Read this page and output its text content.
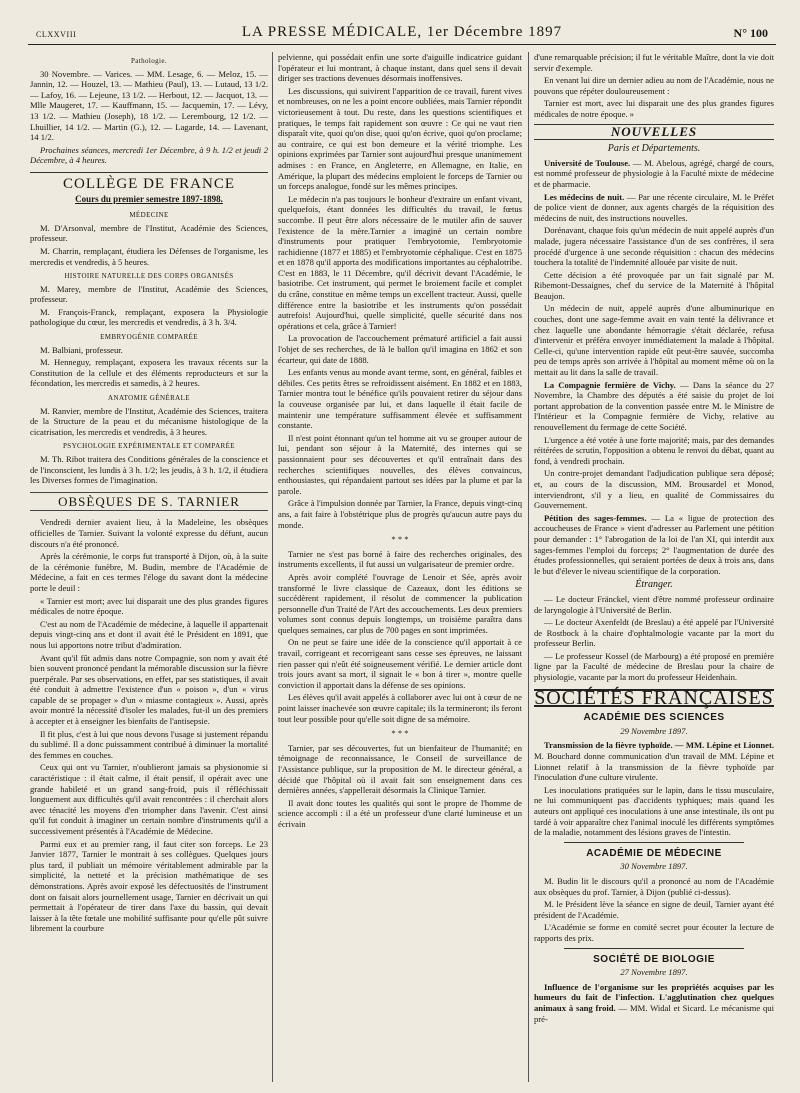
CLXXVIII	LA PRESSE MÉDICALE, 1er Décembre 1897	N° 100
Pathologie.

30 Novembre. — Varices. — MM. Lesage, 6. — Meloz, 15. — Jannin, 12. — Houzel, 13. — Mathieu (Paul), 13. — Lutaud, 13 1/2. — Lafoy, 16. — Lejeune, 13 1/2. — Herbout, 12. — Jacquot, 13. — Mlle Maugeret, 17. — Kauffmann, 15. — Jacquemin, 17. — Lévy, 13 1/2. — Mathieu (Joseph), 18 1/2. — Lerembourg, 12 1/2. — Lhuillier, 14 1/2. — Martin (G.), 12. — Lagarde, 14. — Lavenant, 14 1/2.

Prochaines séances, mercredi 1er Décembre, à 9 h. 1/2 et jeudi 2 Décembre, à 4 heures.

COLLÈGE DE FRANCE
Cours du premier semestre 1897-1898.
MÉDECINE

M. D'Arsonval, membre de l'Institut, Académie des Sciences, professeur.

M. Charrin, remplaçant, étudiera les Défenses de l'organisme, les mercredis et vendredis, à 5 heures.

HISTOIRE NATURELLE DES CORPS ORGANISÉS

M. Marey, membre de l'Institut, Académie des Sciences, professeur.

M. François-Franck, remplaçant, exposera la Physiologie pathologique du cœur, les mercredis et vendredis, à 3 h. 3/4.

EMBRYOGÉNIE COMPARÉE

M. Balbiani, professeur.

M. Henneguy, remplaçant, exposera les travaux récents sur la Constitution de la cellule et des éléments reproducteurs et sur la fécondation, les mercredis et samedis, à 2 heures.

ANATOMIE GÉNÉRALE

M. Ranvier, membre de l'Institut, Académie des Sciences, traitera de la Structure de la peau et du mécanisme histologique de la cicatrisation, les mercredis et vendredis, à 3 heures.

PSYCHOLOGIE EXPÉRIMENTALE ET COMPARÉE

M. Th. Ribot traitera des Conditions générales de la conscience et de l'inconscient, les lundis à 3 h. 1/2; les jeudis, à 3 h. 1/2, il étudiera les Diverses formes de l'imagination.

OBSÈQUES DE S. TARNIER

Vendredi dernier avaient lieu, à la Madeleine, les obsèques officielles de Tarnier. Suivant la volonté expresse du défunt, aucun discours n'a été prononcé.

Après la cérémonie, le corps fut transporté à Dijon, où, à la suite de la cérémonie funèbre, M. Budin, membre de l'Académie de Médecine, a fait en ces termes l'éloge du savant dont la médecine porte le deuil :

« Tarnier est mort; avec lui disparait une des plus grandes figures médicales de notre époque.

C'est au nom de l'Académie de médecine, à laquelle il appartenait depuis vingt-cinq ans et dont il avait été le Président en 1891, que nous lui apportons notre tribut d'admiration.

Avant qu'il fût admis dans notre Compagnie, son nom y avait été bien souvent prononcé pendant la mémorable discussion sur la fièvre puerpérale. Par ses observations, en effet, par ses statistiques, il avait été conduit à admettre l'existence d'un « poison », d'un « virus capable de se propager » d'un « miasme contagieux ». Aussi, après avoir montré la nécessité d'isoler les malades, fut-il un des premiers à accepter et à enseigner les bienfaits de l'antisepsie.

Il fit plus, c'est à lui que nous devons l'usage si justement répandu du sublimé. Il a donc puissamment contribué à diminuer la mortalité des femmes en couches.

Ceux qui ont vu Tarnier, n'oublieront jamais sa physionomie si caractéristique : il était calme, il était pensif, il opérait avec une grande habileté et un grand sang-froid, puis il réfléchissait longuement aux difficultés qu'il avait rencontrées : il cherchait alors avec ténacité les moyens d'en triompher dans l'avenir. C'est ainsi qu'il fut conduit à imaginer un certain nombre d'instruments qu'il a successivement présentés à l'Académie de Médecine.

Parmi eux et au premier rang, il faut citer son forceps. Le 23 Janvier 1877, Tarnier le montrait à ses collègues. Quelques jours plus tard, il publiait un mémoire véritablement admirable par la simplicité, la netteté et la précision mathématique de ses démonstrations. Après avoir exposé les défectuosités de l'instrument dont on faisait alors journellement usage, Tarnier en décrivait un qui permettait à l'opérateur de tirer dans l'axe du bassin, qui devait laisser à la tête fœtale une mobilité suffisante pour qu'elle pût suivre librement la courbure

pelvienne, qui possédait enfin une sorte d'aiguille indicatrice guidant l'opérateur et lui montrant, à chaque instant, dans quel sens il devait diriger ses tractions devenues désormais inoffensives.

Les discussions, qui suivirent l'apparition de ce travail, furent vives et nombreuses, on ne les a point encore oubliées, mais Tarnier répondit victorieusement à tout. Du reste, dans les questions scientifiques et pratiques, le temps fait rapidement son œuvre : Ce qui ne vaut rien disparaît vite, quoi qu'on dise, quoi qu'on écrive, quoi qu'on proclame; au contraire, ce qui est bon demeure et la vérité triomphe. Les opinions exprimées par Tarnier sont aujourd'hui presque unanimement admises : en France, en Angleterre, en Allemagne, en Italie, en Amérique, la plupart des médecins emploient le forceps de Tarnier ou un forceps analogue, fondé sur les mêmes principes.

Le médecin n'a pas toujours le bonheur d'extraire un enfant vivant, quelquefois, étant données les difficultés du travail, le fœtus succombe. Il peut être alors nécessaire de le mutiler afin de sauver l'existence de la mère.Tarnier a imaginé un certain nombre d'instruments pour pratiquer l'embryotomie, l'embryotomie rachidienne (1877 et 1885) et l'embryotomie céphalique. C'est en 1875 et en 1878 qu'il apporta des modifications importantes au céphalotribe. C'est en 1883, le 11 Décembre, qu'il décrivit devant l'Académie, le basiotribe. Cet instrument, qui permet le broiement facile et complet du crâne, constitue en même temps un excellent tracteur. Aussi, quelle différence entre la basiotribe et les instruments qu'on possédait autrefois! Aujourd'hui, quelle simplicité, quelle sécurité dans nos opérations et cela, grâce à Tarnier!

La provocation de l'accouchement prématuré artificiel a fait aussi l'objet de ses recherches, de là le ballon qu'il imagina en 1862 et son écarteur, qui date de 1888.

Les enfants venus au monde avant terme, sont, en général, faibles et débiles. Ces petits êtres se refroidissent aisément. En 1882 et en 1883, Tarnier montra tout le bénéfice qu'ils pouvaient retirer du séjour dans la couveuse organisée par lui, et dans laquelle il était facile de maintenir une température suffisamment élevée et suffisamment constante.

Il n'est point étonnant qu'un tel homme ait vu se grouper autour de lui, pendant son séjour à la Maternité, des internes qui se passionnaient pour ses découvertes et qu'il entraînait dans des recherches scientifiques nouvelles, des élèves convaincus, enthousiastes, qui répandaient partout ses idées par la plume et par la parole.

Grâce à l'impulsion donnée par Tarnier, la France, depuis vingt-cinq ans, a fait faire à l'obstétrique plus de progrès qu'aucun autre pays du monde.

* * *

Tarnier ne s'est pas borné à faire des recherches originales, des instruments excellents, il fut aussi un vulgarisateur de premier ordre.

Après avoir complété l'ouvrage de Lenoir et Sée, après avoir transformé le livre classique de Cazeaux, dont les éditions se succédèrent rapidement, il résolut de commencer la publication personnelle d'un Traité de l'Art des accouchements. Les deux premiers volumes sont connus depuis longtemps, un troisième paraîtra dans quelques semaines, car plus de 700 pages en sont imprimées.

On ne peut se faire une idée de la conscience qu'il apportait à ce travail, corrigeant et recorrigeant sans cesse ses épreuves, ne laissant rien passer qui n'eût été soigneusement vérifié. Le dernier article dont trois jours avant sa mort, il signait le « bon à tirer », montre quelle conviction il apportait dans la défense de ses opinions.

Les élèves qu'il avait appelés à collaborer avec lui ont à cœur de ne point laisser inachevée son œuvre capitale; ils la termineront; ils feront tout leur possible pour qu'elle soit digne de sa mémoire.

* * *

Tarnier, par ses découvertes, fut un bienfaiteur de l'humanité; en témoignage de reconnaissance, le Conseil de surveillance de l'Assistance publique, sur la proposition de M. le directeur général, a décidé que l'hôpital où il avait fait son enseignement dans ces dernières années, s'appellerait désormais la Clinique Tarnier.

Il avait donc toutes les qualités qui sont le propre de l'homme de science accompli : il a été un professeur d'une clarté lumineuse et un écrivain

d'une remarquable précision; il fut le véritable Maître, dont la vie doit servir d'exemple.

En venant lui dire un dernier adieu au nom de l'Académie, nous ne pouvons que répéter douloureusement :

Tarnier est mort, avec lui disparait une des plus grandes figures médicales de notre époque. »

NOUVELLES
Paris et Départements.

Université de Toulouse. — M. Abelous, agrégé, chargé de cours, est nommé professeur de physiologie à la Faculté mixte de médecine et de pharmacie.

Les médecins de nuit. — Par une récente circulaire, M. le Préfet de police vient de donner, aux agents chargés de la réquisition des médecins de nuit, des instructions nouvelles.

Dorénavant, chaque fois qu'un médecin de nuit appelé auprès d'un malade, jugera nécessaire l'assistance d'un de ses confrères, il sera procédé d'urgence à une seconde réquisition : chacun des médecins touchera la totalité de l'indemnité allouée par visite de nuit.

Cette décision a été provoquée par un fait signalé par M. Ribemont-Dessaignes, chef du service de la Maternité à l'hôpital Beaujon.

Un médecin de nuit, appelé auprès d'une albuminurique en couches, dont une sage-femme avait en vain tenté la délivrance et chez laquelle une abondante hémorragie s'était déclarée, refusa d'intervenir et préféra envoyer immédiatement la malade à l'hôpital. Celle-ci, qu'une intervention rapide eût peut-être sauvée, succomba peu de temps après son arrivée à l'hôpital au moment même où on la mettait au lit dans la salle de travail.

La Compagnie fermière de Vichy. — Dans la séance du 27 Novembre, la Chambre des députés a été saisie du projet de loi portant approbation de la convention passée entre M. le Ministre de l'Intérieur et la Compagnie fermière de Vichy, relative au renouvellement du fermage de cette Société.

L'urgence a été votée à une forte majorité; mais, par des demandes réitérées de scrutin, l'opposition a obtenu le renvoi du débat, quant au fond, à vendredi prochain.

Un contre-projet demandant l'adjudication publique sera déposé; et, au cours de la discussion, MM. Brousardel et Monod, interviendront, s'il y a lieu, en qualité de Commissaires du Gouvernement.

Pétition des sages-femmes. — La « ligue de protection des accoucheuses de France » vient d'adresser au Parlement une pétition pour demander : 1° l'abrogation de la loi de l'an XI, qui interdit aux sages-femmes l'emploi du forceps; 2° l'augmentation de durée des études professionnelles, qui seraient portées de deux à trois ans, dans le but d'élever le niveau scientifique de la corporation.

Étranger.

— Le docteur Fränckel, vient d'être nommé professeur ordinaire de laryngologie à l'Université de Berlin.

— Le docteur Axenfeldt (de Breslau) a été appelé par l'Université de Rostbock à la chaire d'ophtalmologie vacante par la mort du professeur Berlin.

— Le professeur Kossel (de Marbourg) a été proposé en première ligne par la Faculté de médecine de Breslau pour la chaire de physiologie, vacante par la mort du professeur Heidenhain.

SOCIÉTÉS FRANÇAISES
ACADÉMIE DES SCIENCES
29 Novembre 1897.

Transmission de la fièvre typhoïde. — MM. Lépine et Lionnet. M. Bouchard donne communication d'un travail de MM. Lépine et Lionnet relatif à la transmission de la fièvre typhoïde par l'inoculation d'une culture virulente.

Les inoculations pratiquées sur le lapin, dans le tissu musculaire, ne lui communiquent pas d'accidents typhiques; mais quand les auteurs ont appliqué ces inoculations à une anse intestinale, ils ont pu tardé à voir apparaître chez l'animal inoculé les différents symptômes de la maladie, notamment des lésions graves de l'intestin.

ACADÉMIE DE MÉDECINE
30 Novembre 1897.

M. Budin lit le discours qu'il a prononcé au nom de l'Académie aux obsèques du prof. Tarnier, à Dijon (publié ci-dessus).

M. le Président lève la séance en signe de deuil, Tarnier ayant été président de l'Académie.

L'Académie se forme en comité secret pour écouter la lecture de rapports des prix.

SOCIÉTÉ DE BIOLOGIE
27 Novembre 1897.

Influence de l'organisme sur les propriétés acquises par les humeurs du fait de l'infection. L'agglutination chez quelques animaux à sang froid. — MM. Widal et Sicard. Le mécanisme qui pré-
